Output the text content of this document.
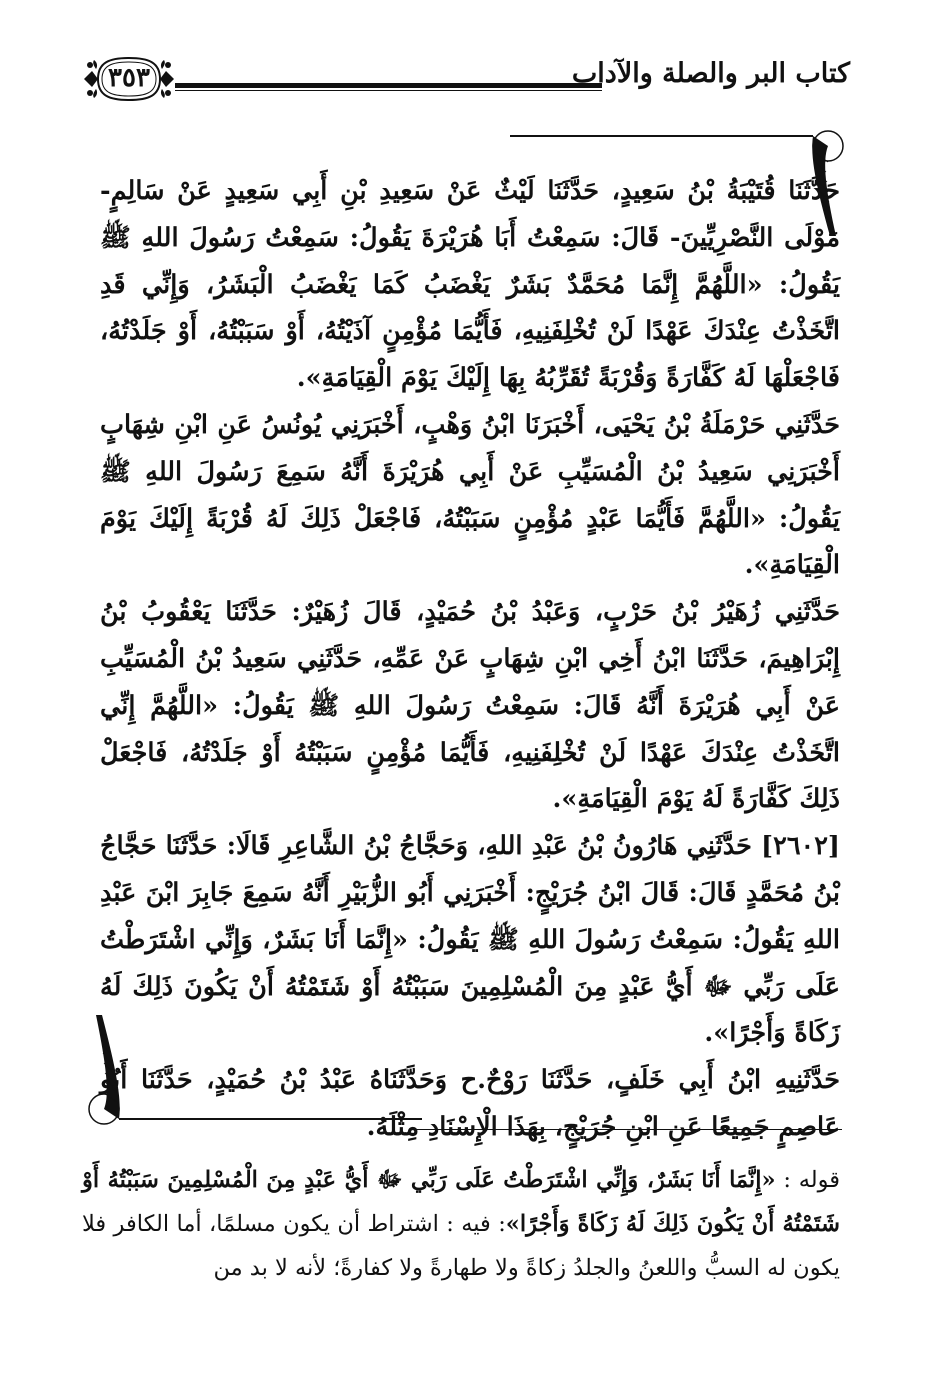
كتاب البر والصلة والآداب
٣٥٣

حَدَّثَنَا قُتَيْبَةُ بْنُ سَعِيدٍ، حَدَّثَنَا لَيْثٌ عَنْ سَعِيدِ بْنِ أَبِي سَعِيدٍ عَنْ سَالِمٍ- مَوْلَى النَّصْرِيِّينَ- قَالَ: سَمِعْتُ أَبَا هُرَيْرَةَ يَقُولُ: سَمِعْتُ رَسُولَ اللهِ ﷺ يَقُولُ: «اللَّهُمَّ إِنَّمَا مُحَمَّدٌ بَشَرٌ يَغْضَبُ كَمَا يَغْضَبُ الْبَشَرُ، وَإِنِّي قَدِ اتَّخَذْتُ عِنْدَكَ عَهْدًا لَنْ تُخْلِفَنِيهِ، فَأَيُّمَا مُؤْمِنٍ آذَيْتُهُ، أَوْ سَبَبْتُهُ، أَوْ جَلَدْتُهُ، فَاجْعَلْهَا لَهُ كَفَّارَةً وَقُرْبَةً تُقَرِّبُهُ بِهَا إِلَيْكَ يَوْمَ الْقِيَامَةِ».

حَدَّثَنِي حَرْمَلَةُ بْنُ يَحْيَى، أَخْبَرَنَا ابْنُ وَهْبٍ، أَخْبَرَنِي يُونُسُ عَنِ ابْنِ شِهَابٍ أَخْبَرَنِي سَعِيدُ بْنُ الْمُسَيِّبِ عَنْ أَبِي هُرَيْرَةَ أَنَّهُ سَمِعَ رَسُولَ اللهِ ﷺ يَقُولُ: «اللَّهُمَّ فَأَيُّمَا عَبْدٍ مُؤْمِنٍ سَبَبْتُهُ، فَاجْعَلْ ذَلِكَ لَهُ قُرْبَةً إِلَيْكَ يَوْمَ الْقِيَامَةِ».

حَدَّثَنِي زُهَيْرُ بْنُ حَرْبٍ، وَعَبْدُ بْنُ حُمَيْدٍ، قَالَ زُهَيْرٌ: حَدَّثَنَا يَعْقُوبُ بْنُ إِبْرَاهِيمَ، حَدَّثَنَا ابْنُ أَخِي ابْنِ شِهَابٍ عَنْ عَمِّهِ، حَدَّثَنِي سَعِيدُ بْنُ الْمُسَيِّبِ عَنْ أَبِي هُرَيْرَةَ أَنَّهُ قَالَ: سَمِعْتُ رَسُولَ اللهِ ﷺ يَقُولُ: «اللَّهُمَّ إِنِّي اتَّخَذْتُ عِنْدَكَ عَهْدًا لَنْ تُخْلِفَنِيهِ، فَأَيُّمَا مُؤْمِنٍ سَبَبْتُهُ أَوْ جَلَدْتُهُ، فَاجْعَلْ ذَلِكَ كَفَّارَةً لَهُ يَوْمَ الْقِيَامَةِ».

[٢٦٠٢] حَدَّثَنِي هَارُونُ بْنُ عَبْدِ اللهِ، وَحَجَّاجُ بْنُ الشَّاعِرِ قَالَا: حَدَّثَنَا حَجَّاجُ بْنُ مُحَمَّدٍ قَالَ: قَالَ ابْنُ جُرَيْجٍ: أَخْبَرَنِي أَبُو الزُّبَيْرِ أَنَّهُ سَمِعَ جَابِرَ ابْنَ عَبْدِ اللهِ يَقُولُ: سَمِعْتُ رَسُولَ اللهِ ﷺ يَقُولُ: «إِنَّمَا أَنَا بَشَرٌ، وَإِنِّي اشْتَرَطْتُ عَلَى رَبِّي ﷻ أَيُّ عَبْدٍ مِنَ الْمُسْلِمِينَ سَبَبْتُهُ أَوْ شَتَمْتُهُ أَنْ يَكُونَ ذَلِكَ لَهُ زَكَاةً وَأَجْرًا».

حَدَّثَنِيهِ ابْنُ أَبِي خَلَفٍ، حَدَّثَنَا رَوْحٌ.ح وَحَدَّثَنَاهُ عَبْدُ بْنُ حُمَيْدٍ، حَدَّثَنَا أَبُو عَاصِمٍ جَمِيعًا عَنِ ابْنِ جُرَيْجٍ، بِهَذَا الْإِسْنَادِ مِثْلَهُ.

قوله : «إِنَّمَا أَنَا بَشَرٌ، وَإِنِّي اشْتَرَطْتُ عَلَى رَبِّي ﷻ أَيُّ عَبْدٍ مِنَ الْمُسْلِمِينَ سَبَبْتُهُ أَوْ شَتَمْتُهُ أَنْ يَكُونَ ذَلِكَ لَهُ زَكَاةً وَأَجْرًا»: فيه : اشتراط أن يكون مسلمًا، أما الكافر فلا يكون له السبُّ واللعنُ والجلدُ زكاةً ولا طهارةً ولا كفارةً؛ لأنه لا بد من
